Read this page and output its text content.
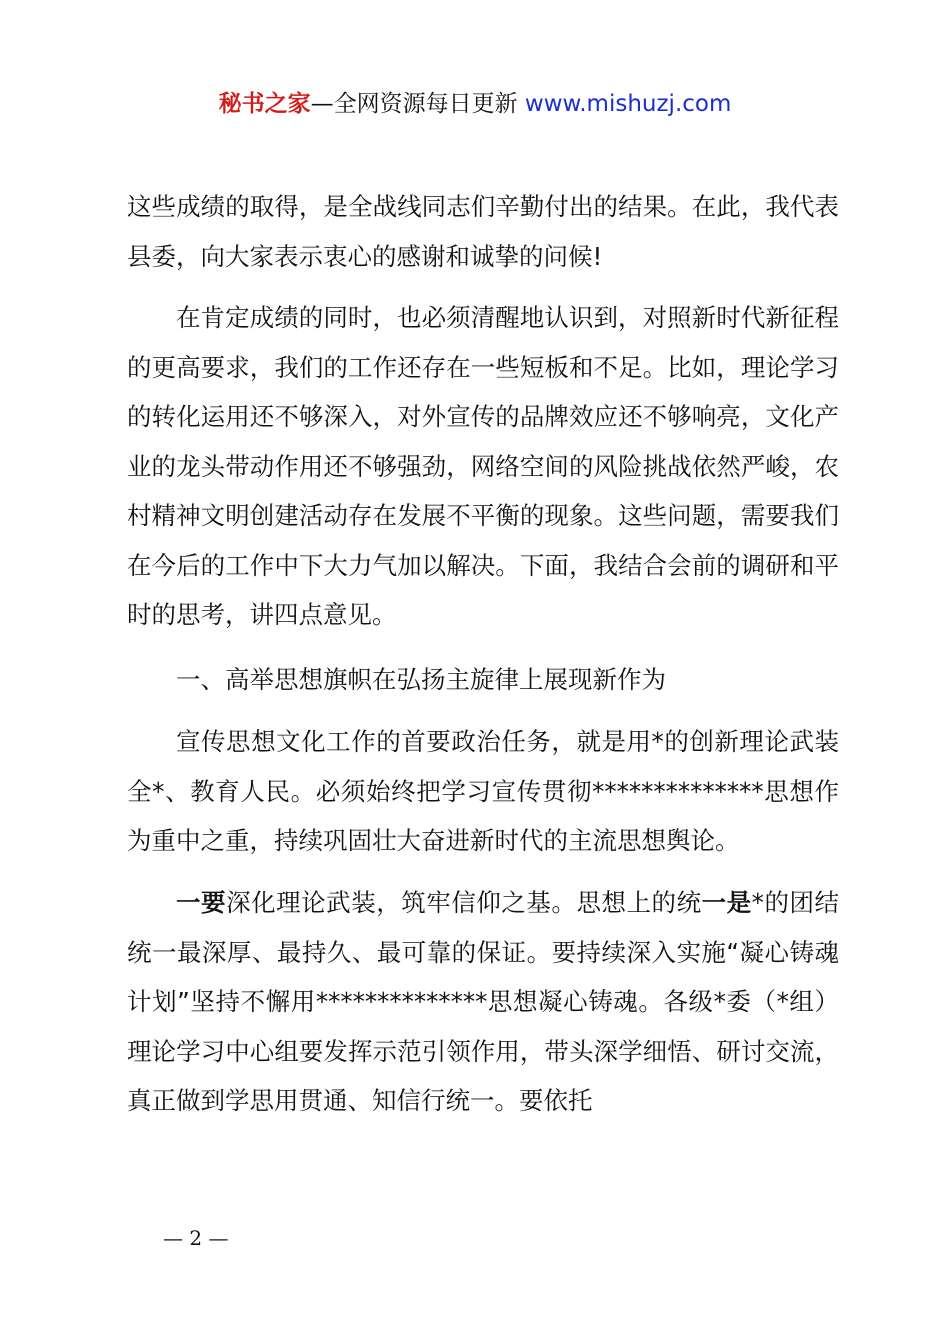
秘书之家—全网资源每日更新 www.mishuzj.com

这些成绩的取得，是全战线同志们辛勤付出的结果。在此，我代表县委，向大家表示衷心的感谢和诚挚的问候!

在肯定成绩的同时，也必须清醒地认识到，对照新时代新征程的更高要求，我们的工作还存在一些短板和不足。比如，理论学习的转化运用还不够深入，对外宣传的品牌效应还不够响亮，文化产业的龙头带动作用还不够强劲，网络空间的风险挑战依然严峻，农村精神文明创建活动存在发展不平衡的现象。这些问题，需要我们在今后的工作中下大力气加以解决。下面，我结合会前的调研和平时的思考，讲四点意见。

一、高举思想旗帜在弘扬主旋律上展现新作为

宣传思想文化工作的首要政治任务，就是用*的创新理论武装全*、教育人民。必须始终把学习宣传贯彻**************思想作为重中之重，持续巩固壮大奋进新时代的主流思想舆论。

一要深化理论武装，筑牢信仰之基。思想上的统一是*的团结统一最深厚、最持久、最可靠的保证。要持续深入实施“凝心铸魂计划”坚持不懈用**************思想凝心铸魂。各级*委（*组）理论学习中心组要发挥示范引领作用，带头深学细悟、研讨交流，真正做到学思用贯通、知信行统一。要依托

— 2 —
